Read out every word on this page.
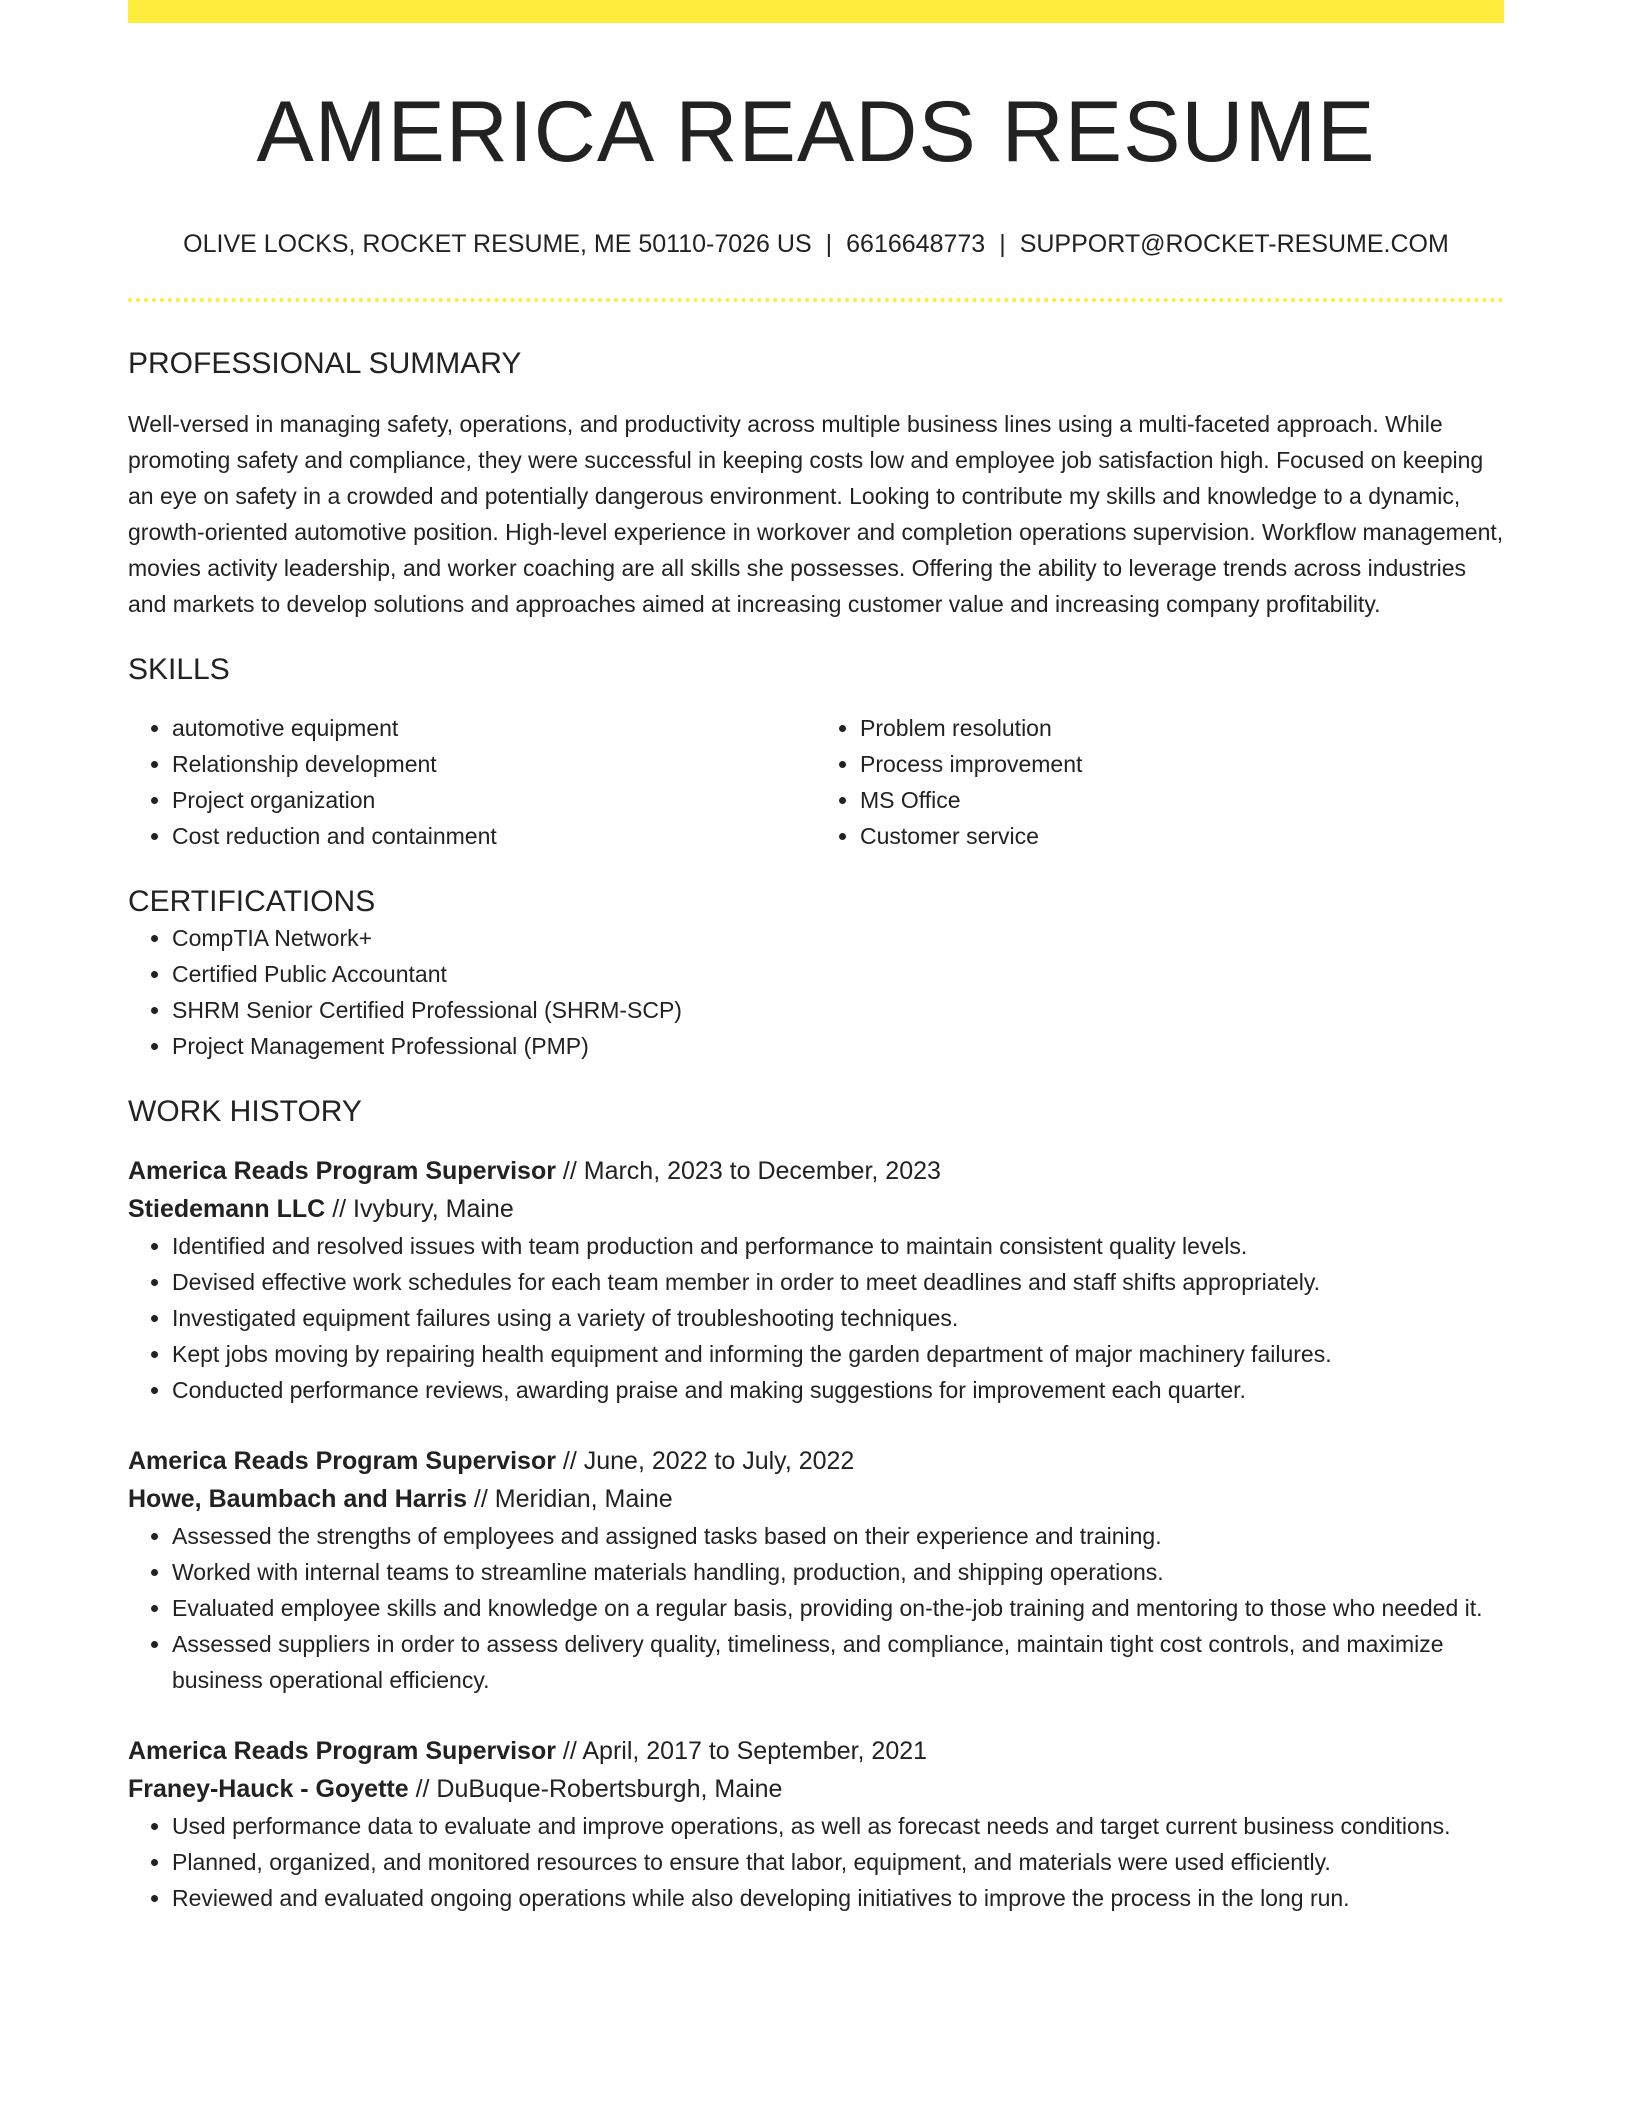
AMERICA READS RESUME
OLIVE LOCKS, ROCKET RESUME, ME 50110-7026 US | 6616648773 | SUPPORT@ROCKET-RESUME.COM
PROFESSIONAL SUMMARY

Well-versed in managing safety, operations, and productivity across multiple business lines using a multi-faceted approach. While promoting safety and compliance, they were successful in keeping costs low and employee job satisfaction high. Focused on keeping an eye on safety in a crowded and potentially dangerous environment. Looking to contribute my skills and knowledge to a dynamic, growth-oriented automotive position. High-level experience in workover and completion operations supervision. Workflow management, movies activity leadership, and worker coaching are all skills she possesses. Offering the ability to leverage trends across industries and markets to develop solutions and approaches aimed at increasing customer value and increasing company profitability.

SKILLS
• automotive equipment
• Relationship development
• Project organization
• Cost reduction and containment
• Problem resolution
• Process improvement
• MS Office
• Customer service
CERTIFICATIONS
• CompTIA Network+
• Certified Public Accountant
• SHRM Senior Certified Professional (SHRM-SCP)
• Project Management Professional (PMP)
WORK HISTORY
America Reads Program Supervisor // March, 2023 to December, 2023
Stiedemann LLC // Ivybury, Maine
• Identified and resolved issues with team production and performance to maintain consistent quality levels.
• Devised effective work schedules for each team member in order to meet deadlines and staff shifts appropriately.
• Investigated equipment failures using a variety of troubleshooting techniques.
• Kept jobs moving by repairing health equipment and informing the garden department of major machinery failures.
• Conducted performance reviews, awarding praise and making suggestions for improvement each quarter.
America Reads Program Supervisor // June, 2022 to July, 2022
Howe, Baumbach and Harris // Meridian, Maine
• Assessed the strengths of employees and assigned tasks based on their experience and training.
• Worked with internal teams to streamline materials handling, production, and shipping operations.
• Evaluated employee skills and knowledge on a regular basis, providing on-the-job training and mentoring to those who needed it.
• Assessed suppliers in order to assess delivery quality, timeliness, and compliance, maintain tight cost controls, and maximize business operational efficiency.
America Reads Program Supervisor // April, 2017 to September, 2021
Franey-Hauck - Goyette // DuBuque-Robertsburgh, Maine
• Used performance data to evaluate and improve operations, as well as forecast needs and target current business conditions.
• Planned, organized, and monitored resources to ensure that labor, equipment, and materials were used efficiently.
• Reviewed and evaluated ongoing operations while also developing initiatives to improve the process in the long run.
